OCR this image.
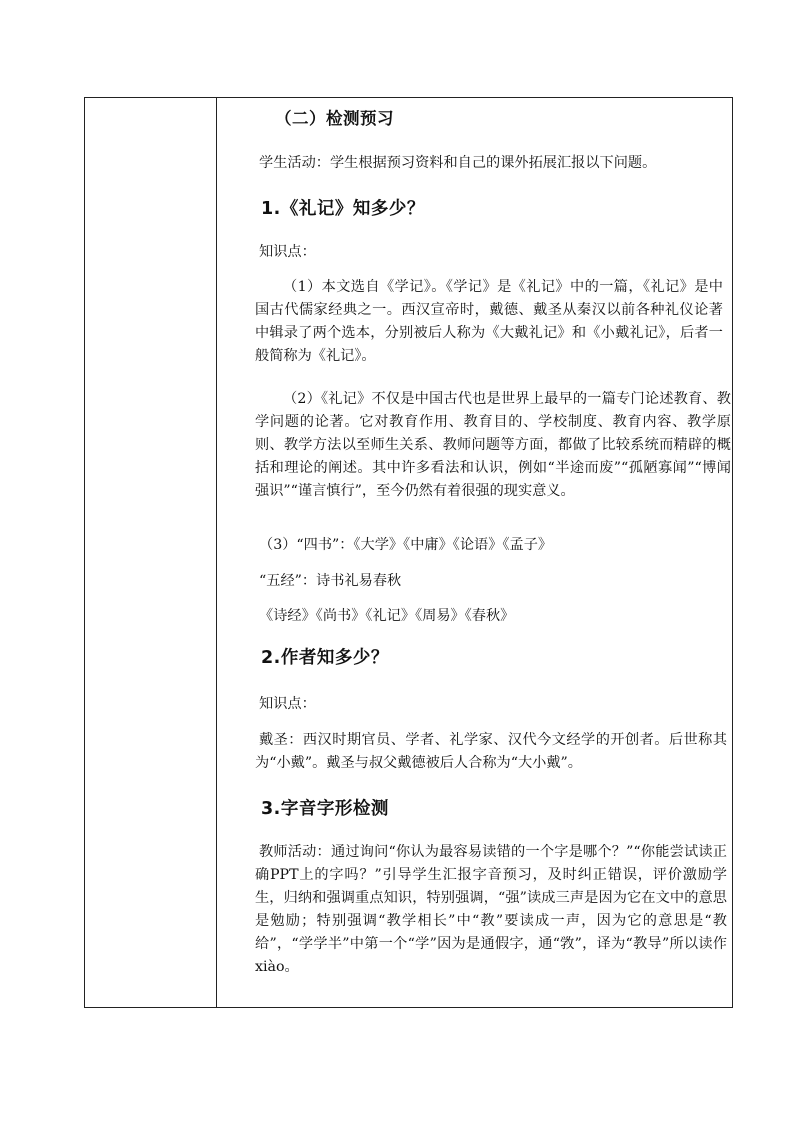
（二）检测预习
学生活动：学生根据预习资料和自己的课外拓展汇报以下问题。
1.《礼记》知多少？
知识点：
（1）本文选自《学记》。《学记》是《礼记》中的一篇，《礼记》是中国古代儒家经典之一。西汉宣帝时，戴德、戴圣从秦汉以前各种礼仪论著中辑录了两个选本，分别被后人称为《大戴礼记》和《小戴礼记》，后者一般简称为《礼记》。
（2）《礼记》不仅是中国古代也是世界上最早的一篇专门论述教育、教学问题的论著。它对教育作用、教育目的、学校制度、教育内容、教学原则、教学方法以至师生关系、教师问题等方面，都做了比较系统而精辟的概括和理论的阐述。其中许多看法和认识，例如“半途而废”“孤陋寡闻”“博闻强识”“谨言慎行”，至今仍然有着很强的现实意义。
（3）“四书”：《大学》《中庸》《论语》《孟子》
“五经”：诗书礼易春秋
《诗经》《尚书》《礼记》《周易》《春秋》
2.作者知多少？
知识点：
戴圣：西汉时期官员、学者、礼学家、汉代今文经学的开创者。后世称其为“小戴”。戴圣与叔父戴德被后人合称为“大小戴”。
3.字音字形检测
教师活动：通过询问“你认为最容易读错的一个字是哪个？”“你能尝试读正确PPT上的字吗？”引导学生汇报字音预习，及时纠正错误，评价激励学生，归纳和强调重点知识，特别强调，“强”读成三声是因为它在文中的意思是勉励；特别强调“教学相长”中“教”要读成一声，因为它的意思是“教给”，“学学半”中第一个“学”因为是通假字，通“敩”，译为“教导”所以读作xiào。
